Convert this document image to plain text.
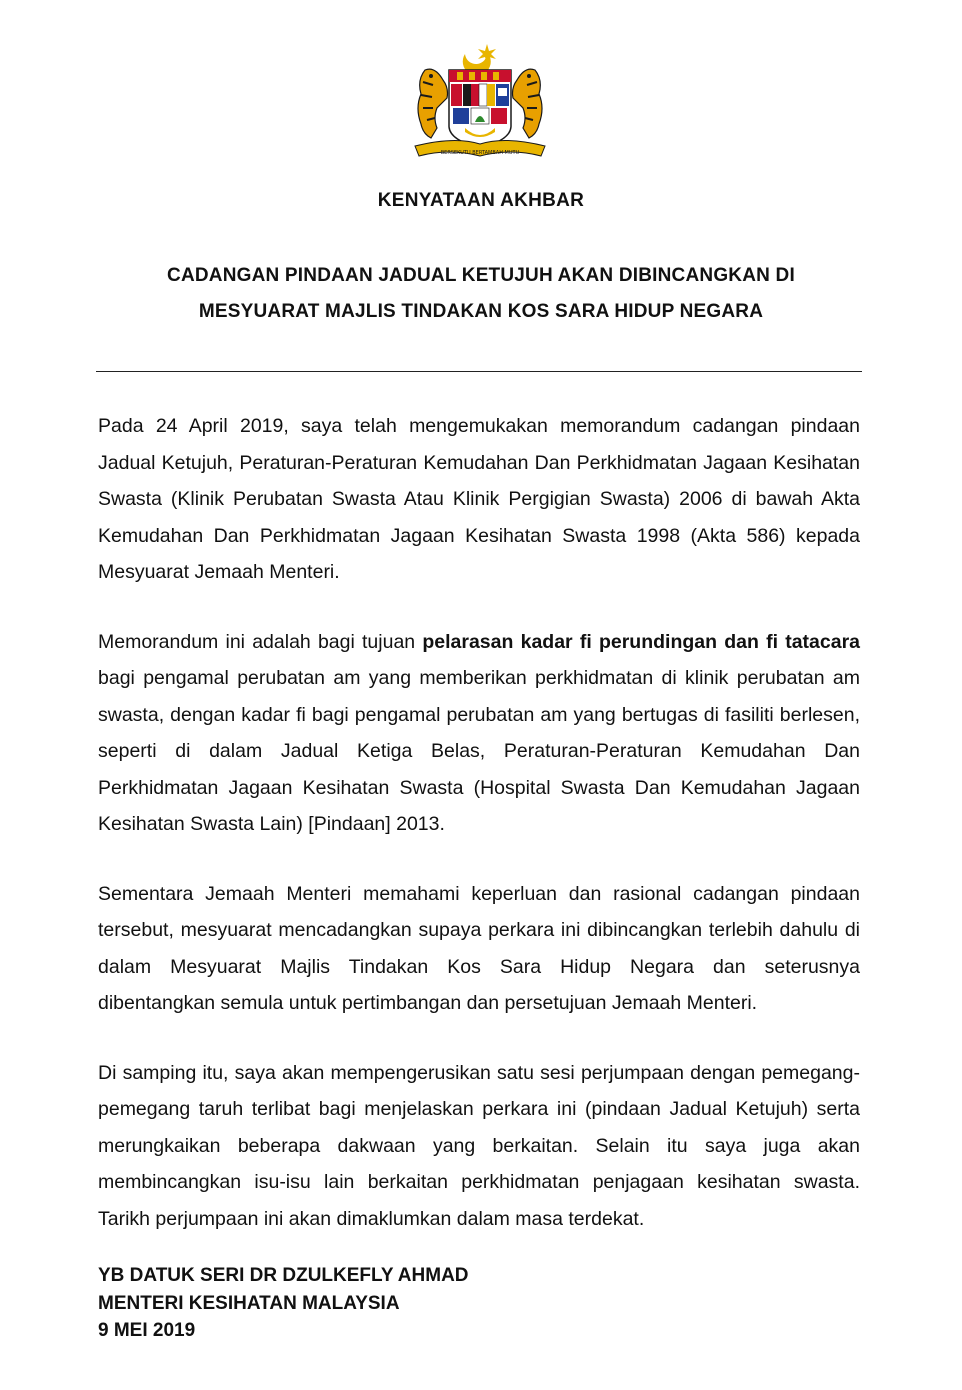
BERSEKUTU BERTAMBAH MUTU
KENYATAAN AKHBAR
CADANGAN PINDAAN JADUAL KETUJUH AKAN DIBINCANGKAN DI
MESYUARAT MAJLIS TINDAKAN KOS SARA HIDUP NEGARA

Pada 24 April 2019, saya telah mengemukakan memorandum cadangan pindaan Jadual Ketujuh, Peraturan-Peraturan Kemudahan Dan Perkhidmatan Jagaan Kesihatan Swasta (Klinik Perubatan Swasta Atau Klinik Pergigian Swasta) 2006 di bawah Akta Kemudahan Dan Perkhidmatan Jagaan Kesihatan Swasta 1998 (Akta 586) kepada Mesyuarat Jemaah Menteri.

Memorandum ini adalah bagi tujuan pelarasan kadar fi perundingan dan fi tatacara bagi pengamal perubatan am yang memberikan perkhidmatan di klinik perubatan am swasta, dengan kadar fi bagi pengamal perubatan am yang bertugas di fasiliti berlesen, seperti di dalam Jadual Ketiga Belas, Peraturan-Peraturan Kemudahan Dan Perkhidmatan Jagaan Kesihatan Swasta (Hospital Swasta Dan Kemudahan Jagaan Kesihatan Swasta Lain) [Pindaan] 2013.

Sementara Jemaah Menteri memahami keperluan dan rasional cadangan pindaan tersebut, mesyuarat mencadangkan supaya perkara ini dibincangkan terlebih dahulu di dalam Mesyuarat Majlis Tindakan Kos Sara Hidup Negara dan seterusnya dibentangkan semula untuk pertimbangan dan persetujuan Jemaah Menteri.

Di samping itu, saya akan mempengerusikan satu sesi perjumpaan dengan pemegang-pemegang taruh terlibat bagi menjelaskan perkara ini (pindaan Jadual Ketujuh) serta merungkaikan beberapa dakwaan yang berkaitan. Selain itu saya juga akan membincangkan isu-isu lain berkaitan perkhidmatan penjagaan kesihatan swasta. Tarikh perjumpaan ini akan dimaklumkan dalam masa terdekat.

YB DATUK SERI DR DZULKEFLY AHMAD
MENTERI KESIHATAN MALAYSIA
9 MEI 2019
